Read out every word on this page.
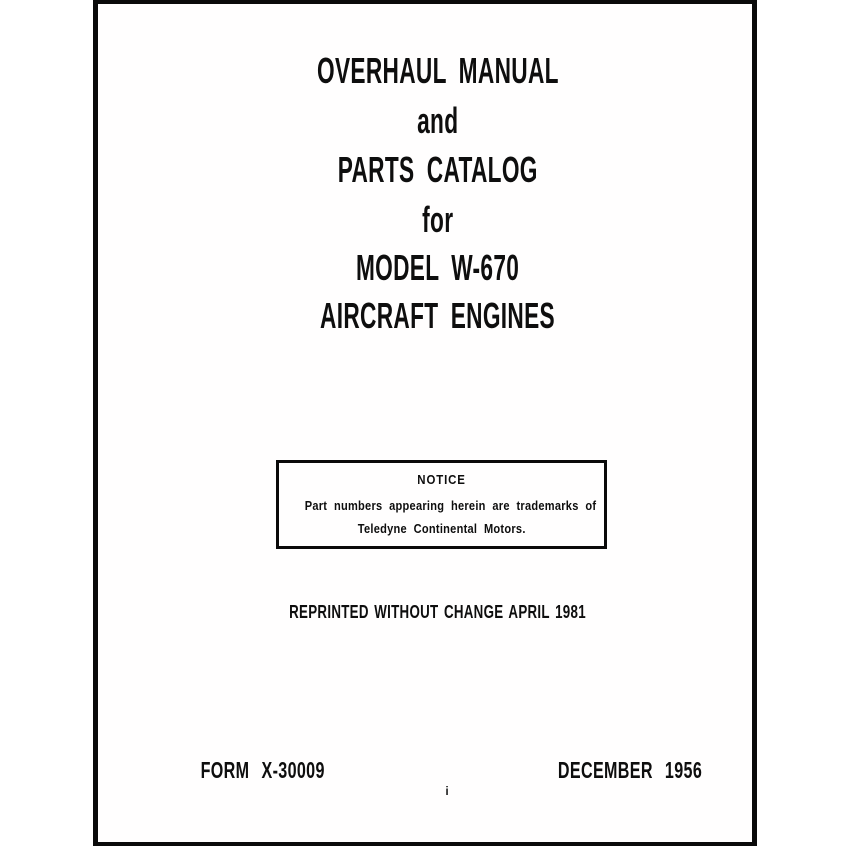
OVERHAUL MANUAL
and
PARTS CATALOG
for
MODEL W-670
AIRCRAFT ENGINES
REPRINTED WITHOUT CHANGE APRIL 1981
NOTICE
Part numbers appearing herein are trademarks of
Teledyne Continental Motors.
FORM X-30009	DECEMBER 1956
i
